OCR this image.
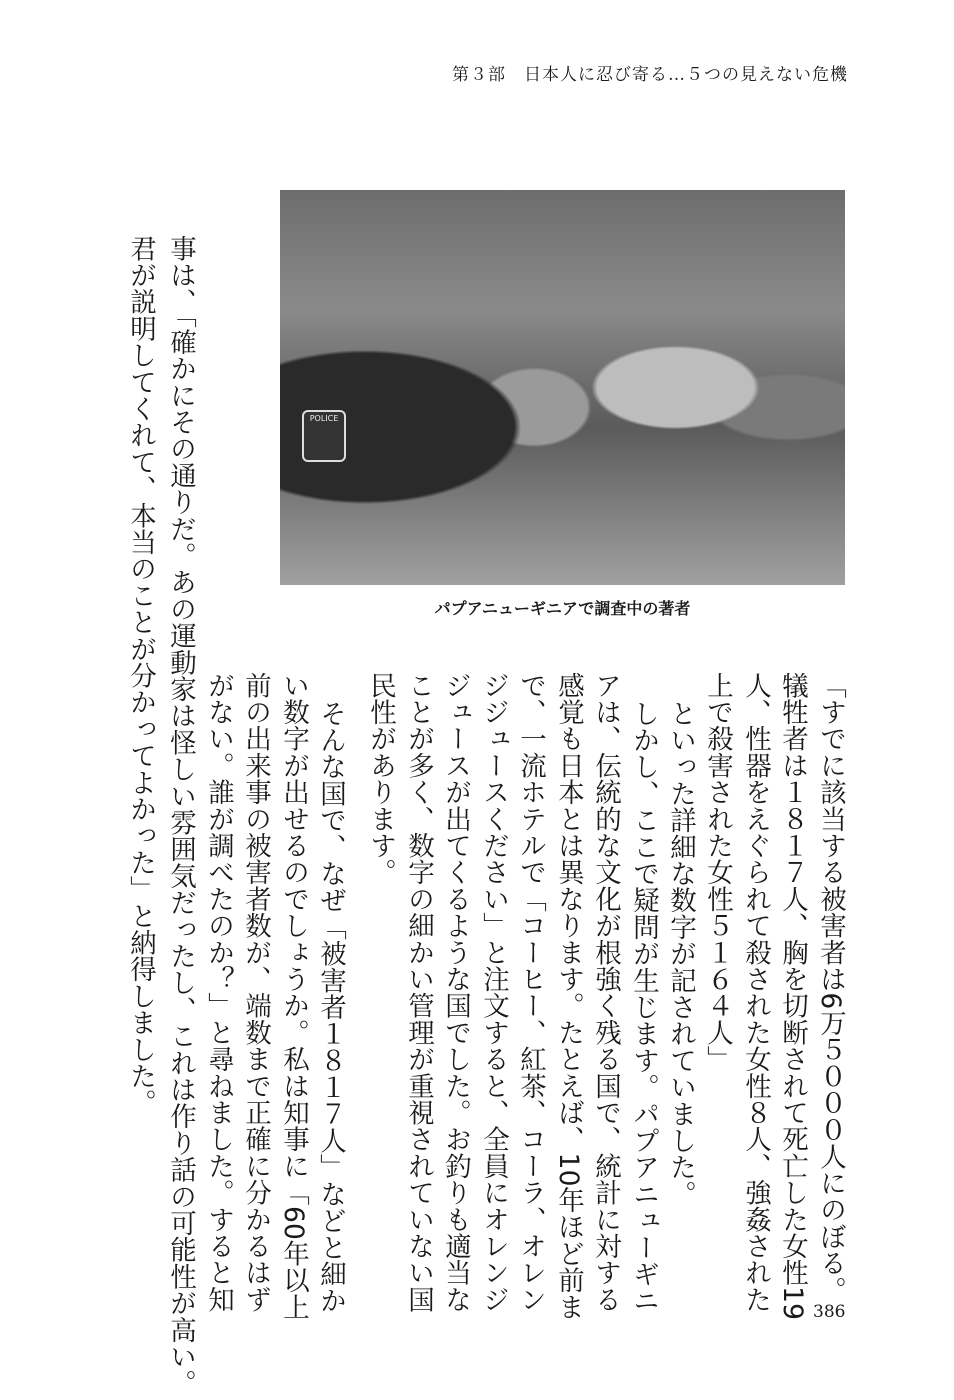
第３部　日本人に忍び寄る…５つの見えない危機
POLICE
パプアニューギニアで調査中の著者
「すでに該当する被害者は6万５０００人にのぼる。
犠牲者は１８１７人、胸を切断されて死亡した女性19
人、性器をえぐられて殺された女性８人、強姦された
上で殺害された女性５１６４人」
といった詳細な数字が記されていました。
しかし、ここで疑問が生じます。パプアニューギニ
アは、伝統的な文化が根強く残る国で、統計に対する
感覚も日本とは異なります。たとえば、10年ほど前ま
で、一流ホテルで「コーヒー、紅茶、コーラ、オレン
ジジュースください」と注文すると、全員にオレンジ
ジュースが出てくるような国でした。お釣りも適当な
ことが多く、数字の細かい管理が重視されていない国
民性があります。
そんな国で、なぜ「被害者１８１７人」などと細か
い数字が出せるのでしょうか。私は知事に「60年以上
前の出来事の被害者数が、端数まで正確に分かるはず
がない。誰が調べたのか？」と尋ねました。すると知
事は、「確かにその通りだ。あの運動家は怪しい雰囲気だったし、これは作り話の可能性が高い。
君が説明してくれて、本当のことが分かってよかった」と納得しました。
386
